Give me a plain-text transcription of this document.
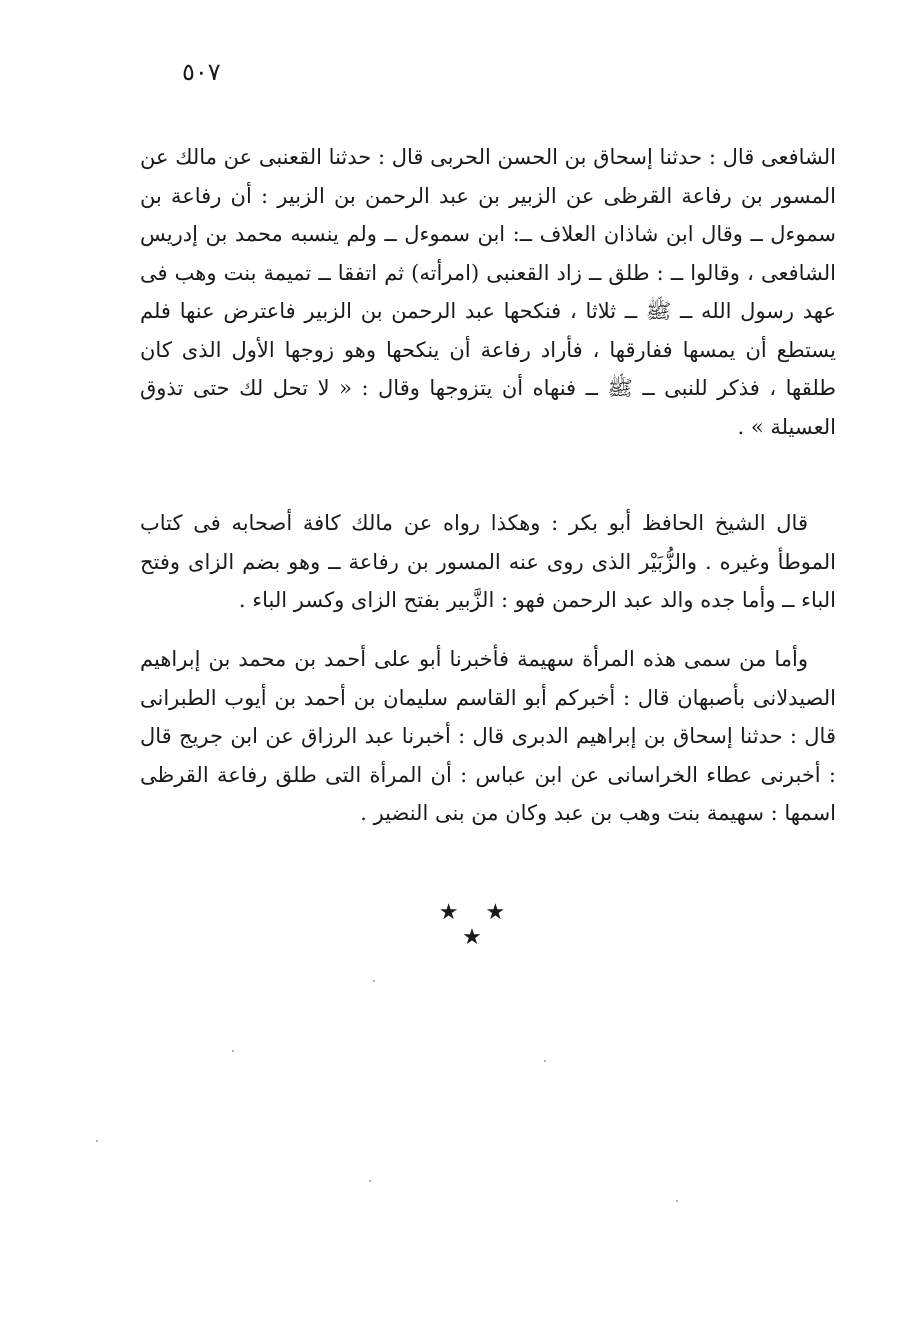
٥٠٧

الشافعى قال : حدثنا إسحاق بن الحسن الحربى قال : حدثنا القعنبى عن مالك عن المسور بن رفاعة القرظى عن الزبير بن عبد الرحمن بن الزبير : أن رفاعة بن سموءل ــ وقال ابن شاذان العلاف ــ: ابن سموءل ــ ولم ينسبه محمد بن إدريس الشافعى ، وقالوا ــ : طلق ــ زاد القعنبى (امرأته) ثم اتفقا ــ تميمة بنت وهب فى عهد رسول الله ــ ﷺ ــ ثلاثا ، فنكحها عبد الرحمن بن الزبير فاعترض عنها فلم يستطع أن يمسها ففارقها ، فأراد رفاعة أن ينكحها وهو زوجها الأول الذى كان طلقها ، فذكر للنبى ــ ﷺ ــ فنهاه أن يتزوجها وقال : « لا تحل لك حتى تذوق العسيلة » .

قال الشيخ الحافظ أبو بكر : وهكذا رواه عن مالك كافة أصحابه فى كتاب الموطأ وغيره . والزُّبَيْر الذى روى عنه المسور بن رفاعة ــ وهو بضم الزاى وفتح الباء ــ وأما جده والد عبد الرحمن فهو : الزَّبير بفتح الزاى وكسر الباء .

وأما من سمى هذه المرأة سهيمة فأخبرنا أبو على أحمد بن محمد بن إبراهيم الصيدلانى بأصبهان قال : أخبركم أبو القاسم سليمان بن أحمد بن أيوب الطبرانى قال : حدثنا إسحاق بن إبراهيم الدبرى قال : أخبرنا عبد الرزاق عن ابن جريج قال : أخبرنى عطاء الخراسانى عن ابن عباس : أن المرأة التى طلق رفاعة القرظى اسمها : سهيمة بنت وهب بن عبد وكان من بنى النضير .

★ ★ ★
